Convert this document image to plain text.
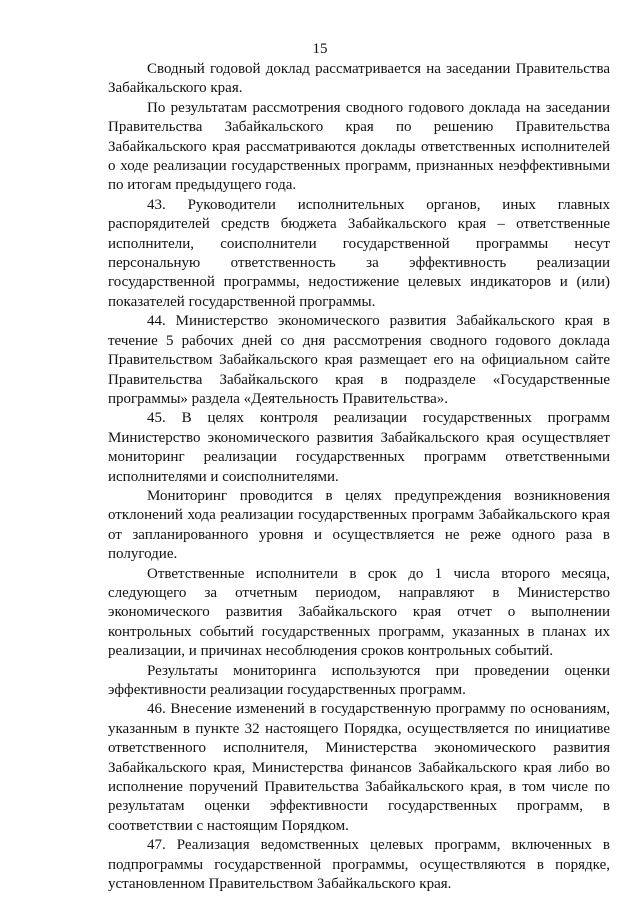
15

Сводный годовой доклад рассматривается на заседании Правительства Забайкальского края.

По результатам рассмотрения сводного годового доклада на заседании Правительства Забайкальского края по решению Правительства Забайкальского края рассматриваются доклады ответственных исполнителей о ходе реализации государственных программ, признанных неэффективными по итогам предыдущего года.

43. Руководители исполнительных органов, иных главных распорядителей средств бюджета Забайкальского края – ответственные исполнители, соисполнители государственной программы несут персональную ответственность за эффективность реализации государственной программы, недостижение целевых индикаторов и (или) показателей государственной программы.

44. Министерство экономического развития Забайкальского края в течение 5 рабочих дней со дня рассмотрения сводного годового доклада Правительством Забайкальского края размещает его на официальном сайте Правительства Забайкальского края в подразделе «Государственные программы» раздела «Деятельность Правительства».

45. В целях контроля реализации государственных программ Министерство экономического развития Забайкальского края осуществляет мониторинг реализации государственных программ ответственными исполнителями и соисполнителями.

Мониторинг проводится в целях предупреждения возникновения отклонений хода реализации государственных программ Забайкальского края от запланированного уровня и осуществляется не реже одного раза в полугодие.

Ответственные исполнители в срок до 1 числа второго месяца, следующего за отчетным периодом, направляют в Министерство экономического развития Забайкальского края отчет о выполнении контрольных событий государственных программ, указанных в планах их реализации, и причинах несоблюдения сроков контрольных событий.

Результаты мониторинга используются при проведении оценки эффективности реализации государственных программ.

46. Внесение изменений в государственную программу по основаниям, указанным в пункте 32 настоящего Порядка, осуществляется по инициативе ответственного исполнителя, Министерства экономического развития Забайкальского края, Министерства финансов Забайкальского края либо во исполнение поручений Правительства Забайкальского края, в том числе по результатам оценки эффективности государственных программ, в соответствии с настоящим Порядком.

47. Реализация ведомственных целевых программ, включенных в подпрограммы государственной программы, осуществляются в порядке, установленном Правительством Забайкальского края.
